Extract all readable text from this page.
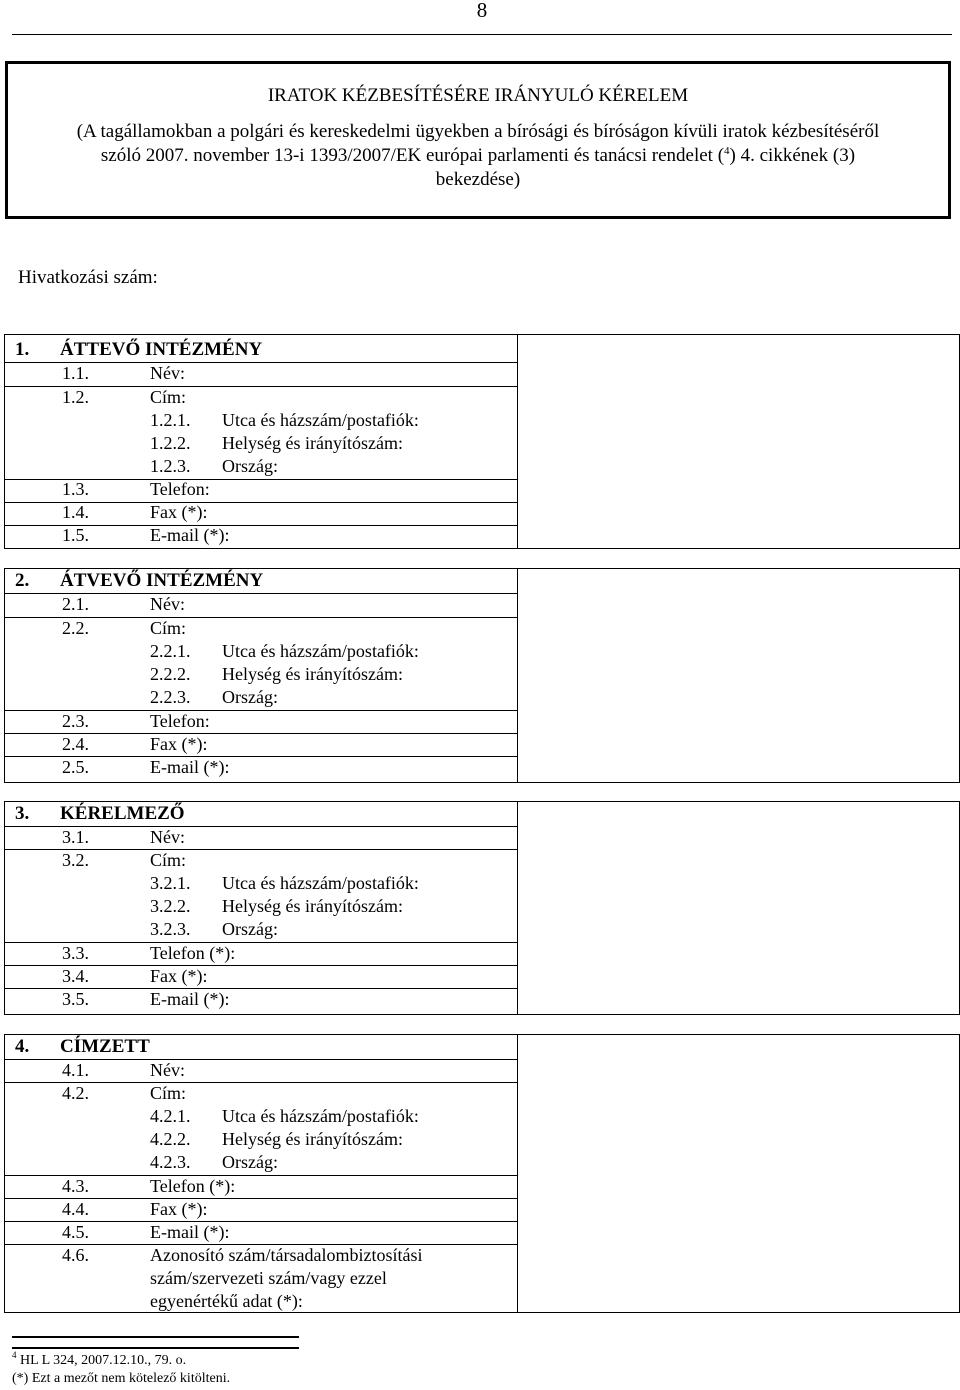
8
IRATOK KÉZBESÍTÉSÉRE IRÁNYULÓ KÉRELEM
(A tagállamokban a polgári és kereskedelmi ügyekben a bírósági és bíróságon kívüli iratok kézbesítéséről
szóló 2007. november 13-i 1393/2007/EK európai parlamenti és tanácsi rendelet ($^4$) 4. cikkének (3)
bekezdése)
Hivatkozási szám:
1. ÁTTEVŐ INTÉZMÉNY
1.1.	Név:
1.2.	Cím:
1.2.1. Utca és házszám/postafiók:
1.2.2. Helység és irányítószám:
1.2.3. Ország:
1.3.	Telefon:
1.4.	Fax (*):
1.5.	E-mail (*):
2. ÁTVEVŐ INTÉZMÉNY
2.1.	Név:
2.2.	Cím:
2.2.1. Utca és házszám/postafiók:
2.2.2. Helység és irányítószám:
2.2.3. Ország:
2.3.	Telefon:
2.4.	Fax (*):
2.5.	E-mail (*):
3. KÉRELMEZŐ
3.1.	Név:
3.2.	Cím:
3.2.1. Utca és házszám/postafiók:
3.2.2. Helység és irányítószám:
3.2.3. Ország:
3.3.	Telefon (*):
3.4.	Fax (*):
3.5.	E-mail (*):
4. CÍMZETT
4.1.	Név:
4.2.	Cím:
4.2.1. Utca és házszám/postafiók:
4.2.2. Helység és irányítószám:
4.2.3. Ország:
4.3.	Telefon (*):
4.4.	Fax (*):
4.5.	E-mail (*):
4.6.	Azonosító szám/társadalombiztosítási
szám/szervezeti szám/vagy ezzel
egyenértékű adat (*):
$^4$ HL L 324, 2007.12.10., 79. o.
(*) Ezt a mezőt nem kötelező kitölteni.
